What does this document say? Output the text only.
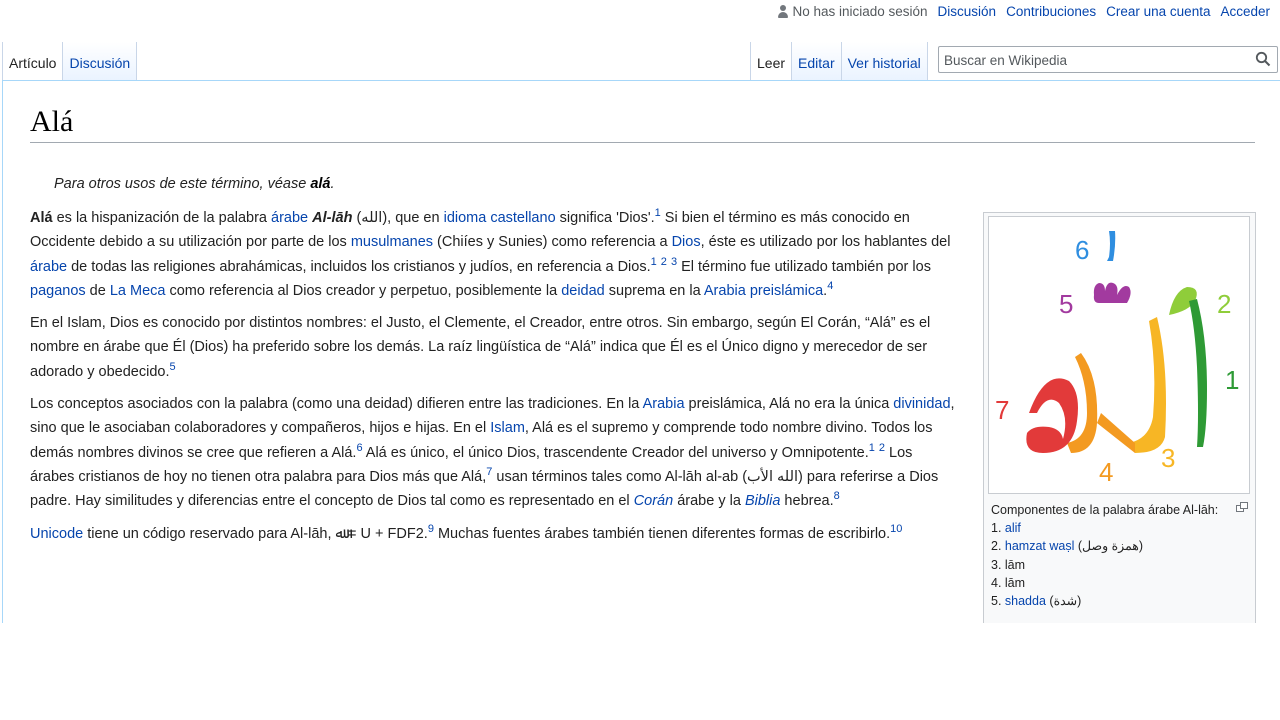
No has iniciado sesión Discusión Contribuciones Crear una cuenta Acceder
Artículo Discusión	Leer Editar Ver historial
Buscar en Wikipedia
Alá
Para otros usos de este término, véase alá.

Alá es la hispanización de la palabra árabe Al-lāh (الله), que en idioma castellano significa 'Dios'.$^1$ Si bien el término es más conocido en Occidente debido a su utilización por parte de los musulmanes (Chiíes y Sunies) como referencia a Dios, éste es utilizado por los hablantes del árabe de todas las religiones abrahámicas, incluidos los cristianos y judíos, en referencia a Dios.$^1$ $^2$ $^3$ El término fue utilizado también por los paganos de La Meca como referencia al Dios creador y perpetuo, posiblemente la deidad suprema en la Arabia preislámica.$^4$

En el Islam, Dios es conocido por distintos nombres: el Justo, el Clemente, el Creador, entre otros. Sin embargo, según El Corán, “Alá” es el nombre en árabe que Él (Dios) ha preferido sobre los demás. La raíz lingüística de “Alá” indica que Él es el Único digno y merecedor de ser adorado y obedecido.$^5$

Los conceptos asociados con la palabra (como una deidad) difieren entre las tradiciones. En la Arabia preislámica, Alá no era la única divinidad, sino que le asociaban colaboradores y compañeros, hijos e hijas. En el Islam, Alá es el supremo y comprende todo nombre divino. Todos los demás nombres divinos se cree que refieren a Alá.$^6$ Alá es único, el único Dios, trascendente Creador del universo y Omnipotente.$^1$ $^2$ Los árabes cristianos de hoy no tienen otra palabra para Dios más que Alá,$^7$ usan términos tales como Al-lāh al-ab (الله الأب) para referirse a Dios padre. Hay similitudes y diferencias entre el concepto de Dios tal como es representado en el Corán árabe y la Biblia hebrea.$^8$

Unicode tiene un código reservado para Al-lāh, ﷲ = U + FDF2.$^9$ Muchas fuentes árabes también tienen diferentes formas de escribirlo.$^{10}$

1
2
3
4
5
6
7
Componentes de la palabra árabe Al-lāh:
1. alif
2. hamzat waṣl (همزة وصل)
3. lām
4. lām
5. shadda (شدة)
